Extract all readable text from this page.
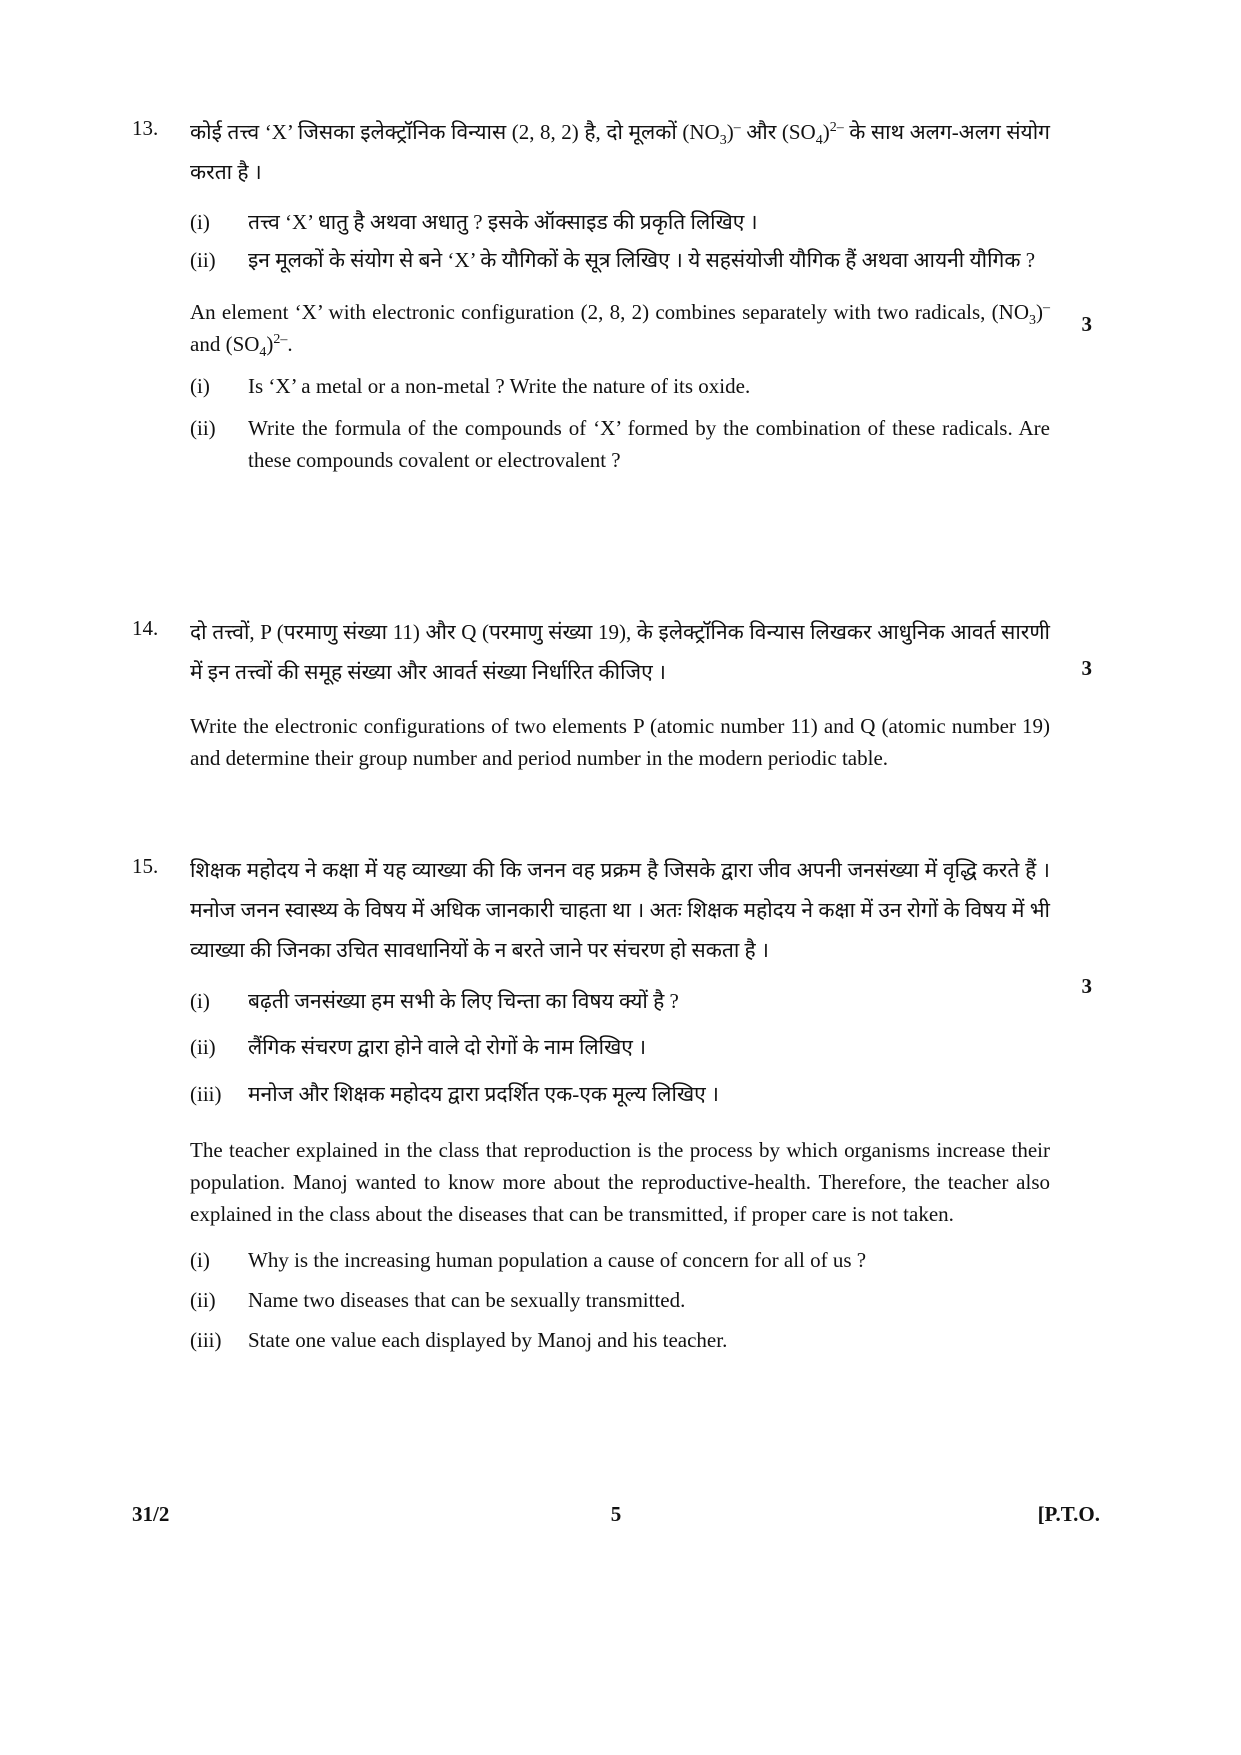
13.
3

कोई तत्त्व ‘X’ जिसका इलेक्ट्रॉनिक विन्यास (2, 8, 2) है, दो मूलकों $(NO_3)^-$ और $(SO_4)^{2-}$ के साथ अलग-अलग संयोग करता है ।

(i)	तत्त्व ‘X’ धातु है अथवा अधातु ? इसके ऑक्साइड की प्रकृति लिखिए ।
(ii)	इन मूलकों के संयोग से बने ‘X’ के यौगिकों के सूत्र लिखिए । ये सहसंयोजी यौगिक हैं अथवा आयनी यौगिक ?

An element ‘X’ with electronic configuration (2, 8, 2) combines separately with two radicals, $(NO_3)^-$ and $(SO_4)^{2-}$.

(i)	Is ‘X’ a metal or a non-metal ? Write the nature of its oxide.
(ii)	Write the formula of the compounds of ‘X’ formed by the combination of these radicals. Are these compounds covalent or electrovalent ?
14.
3

दो तत्त्वों, P (परमाणु संख्या 11) और Q (परमाणु संख्या 19), के इलेक्ट्रॉनिक विन्यास लिखकर आधुनिक आवर्त सारणी में इन तत्त्वों की समूह संख्या और आवर्त संख्या निर्धारित कीजिए ।

Write the electronic configurations of two elements P (atomic number 11) and Q (atomic number 19) and determine their group number and period number in the modern periodic table.

15.
3

शिक्षक महोदय ने कक्षा में यह व्याख्या की कि जनन वह प्रक्रम है जिसके द्वारा जीव अपनी जनसंख्या में वृद्धि करते हैं । मनोज जनन स्वास्थ्य के विषय में अधिक जानकारी चाहता था । अतः शिक्षक महोदय ने कक्षा में उन रोगों के विषय में भी व्याख्या की जिनका उचित सावधानियों के न बरते जाने पर संचरण हो सकता है ।

(i)	बढ़ती जनसंख्या हम सभी के लिए चिन्ता का विषय क्यों है ?
(ii)	लैंगिक संचरण द्वारा होने वाले दो रोगों के नाम लिखिए ।
(iii)	मनोज और शिक्षक महोदय द्वारा प्रदर्शित एक-एक मूल्य लिखिए ।

The teacher explained in the class that reproduction is the process by which organisms increase their population. Manoj wanted to know more about the reproductive-health. Therefore, the teacher also explained in the class about the diseases that can be transmitted, if proper care is not taken.

(i)	Why is the increasing human population a cause of concern for all of us ?
(ii)	Name two diseases that can be sexually transmitted.
(iii)	State one value each displayed by Manoj and his teacher.
31/2	5	[P.T.O.
